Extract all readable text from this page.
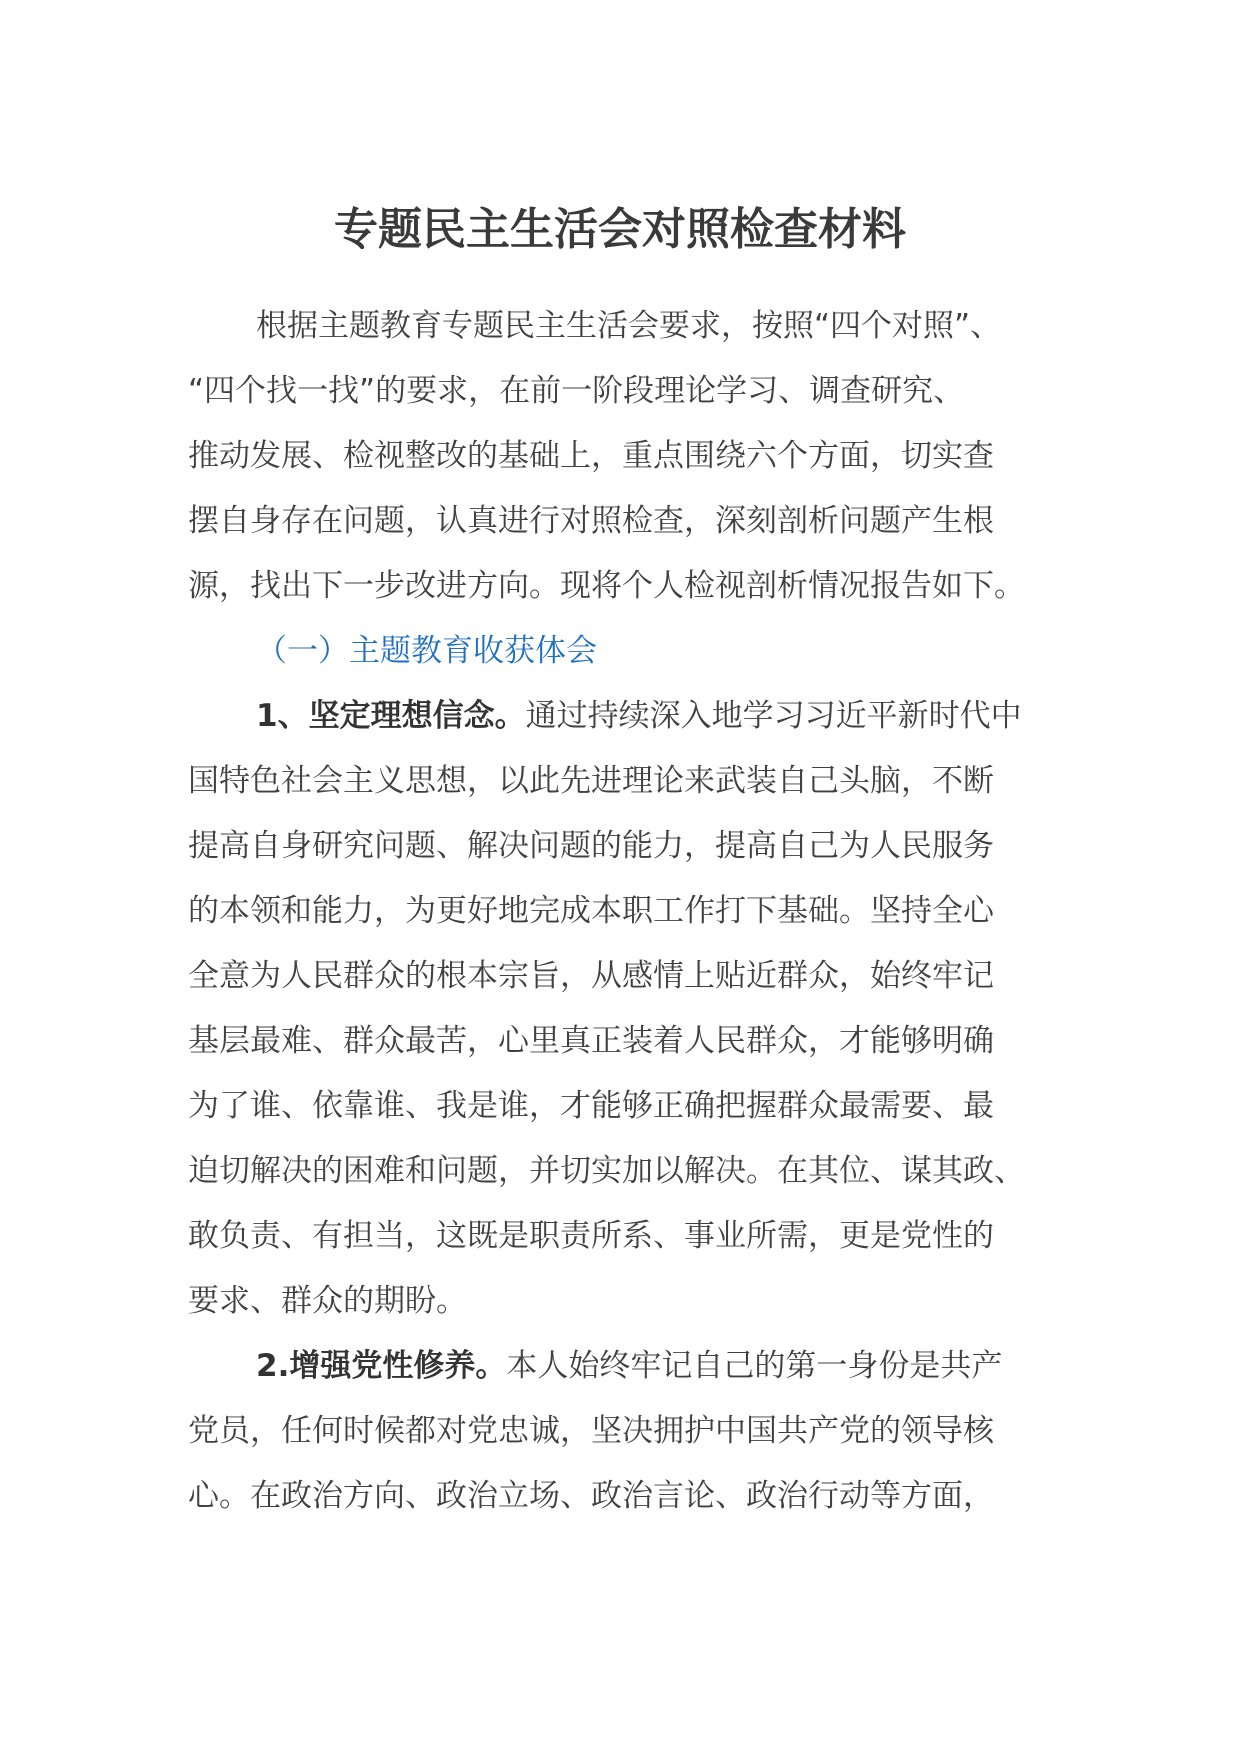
专题民主生活会对照检查材料
根据主题教育专题民主生活会要求，按照“四个对照”、
“四个找一找”的要求，在前一阶段理论学习、调查研究、
推动发展、检视整改的基础上，重点围绕六个方面，切实查
摆自身存在问题，认真进行对照检查，深刻剖析问题产生根
源，找出下一步改进方向。现将个人检视剖析情况报告如下。
（一）主题教育收获体会
1、坚定理想信念。通过持续深入地学习习近平新时代中
国特色社会主义思想，以此先进理论来武装自己头脑，不断
提高自身研究问题、解决问题的能力，提高自己为人民服务
的本领和能力，为更好地完成本职工作打下基础。坚持全心
全意为人民群众的根本宗旨，从感情上贴近群众，始终牢记
基层最难、群众最苦，心里真正装着人民群众，才能够明确
为了谁、依靠谁、我是谁，才能够正确把握群众最需要、最
迫切解决的困难和问题，并切实加以解决。在其位、谋其政、
敢负责、有担当，这既是职责所系、事业所需，更是党性的
要求、群众的期盼。
2.增强党性修养。本人始终牢记自己的第一身份是共产
党员，任何时候都对党忠诚，坚决拥护中国共产党的领导核
心。在政治方向、政治立场、政治言论、政治行动等方面，
